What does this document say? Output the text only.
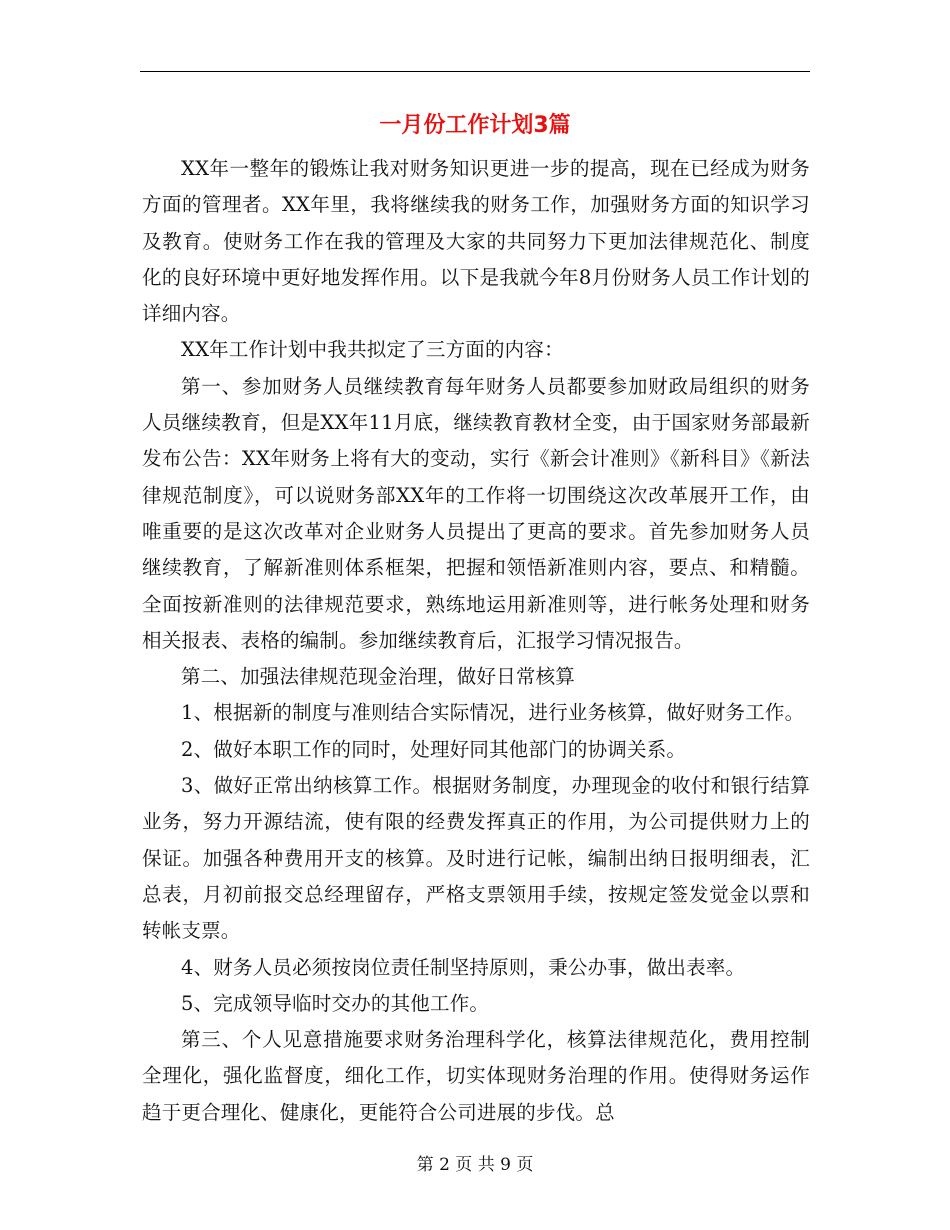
一月份工作计划3篇

XX年一整年的锻炼让我对财务知识更进一步的提高，现在已经成为财务方面的管理者。XX年里，我将继续我的财务工作，加强财务方面的知识学习及教育。使财务工作在我的管理及大家的共同努力下更加法律规范化、制度化的良好环境中更好地发挥作用。以下是我就今年8月份财务人员工作计划的详细内容。

XX年工作计划中我共拟定了三方面的内容：

第一、参加财务人员继续教育每年财务人员都要参加财政局组织的财务人员继续教育，但是XX年11月底，继续教育教材全变，由于国家财务部最新发布公告：XX年财务上将有大的变动，实行《新会计准则》《新科目》《新法律规范制度》，可以说财务部XX年的工作将一切围绕这次改革展开工作，由唯重要的是这次改革对企业财务人员提出了更高的要求。首先参加财务人员继续教育，了解新准则体系框架，把握和领悟新准则内容，要点、和精髓。全面按新准则的法律规范要求，熟练地运用新准则等，进行帐务处理和财务相关报表、表格的编制。参加继续教育后，汇报学习情况报告。

第二、加强法律规范现金治理，做好日常核算

1、根据新的制度与准则结合实际情况，进行业务核算，做好财务工作。

2、做好本职工作的同时，处理好同其他部门的协调关系。

3、做好正常出纳核算工作。根据财务制度，办理现金的收付和银行结算业务，努力开源结流，使有限的经费发挥真正的作用，为公司提供财力上的保证。加强各种费用开支的核算。及时进行记帐，编制出纳日报明细表，汇总表，月初前报交总经理留存，严格支票领用手续，按规定签发觉金以票和转帐支票。

4、财务人员必须按岗位责任制坚持原则，秉公办事，做出表率。

5、完成领导临时交办的其他工作。

第三、个人见意措施要求财务治理科学化，核算法律规范化，费用控制全理化，强化监督度，细化工作，切实体现财务治理的作用。使得财务运作趋于更合理化、健康化，更能符合公司进展的步伐。总

第 2 页 共 9 页
